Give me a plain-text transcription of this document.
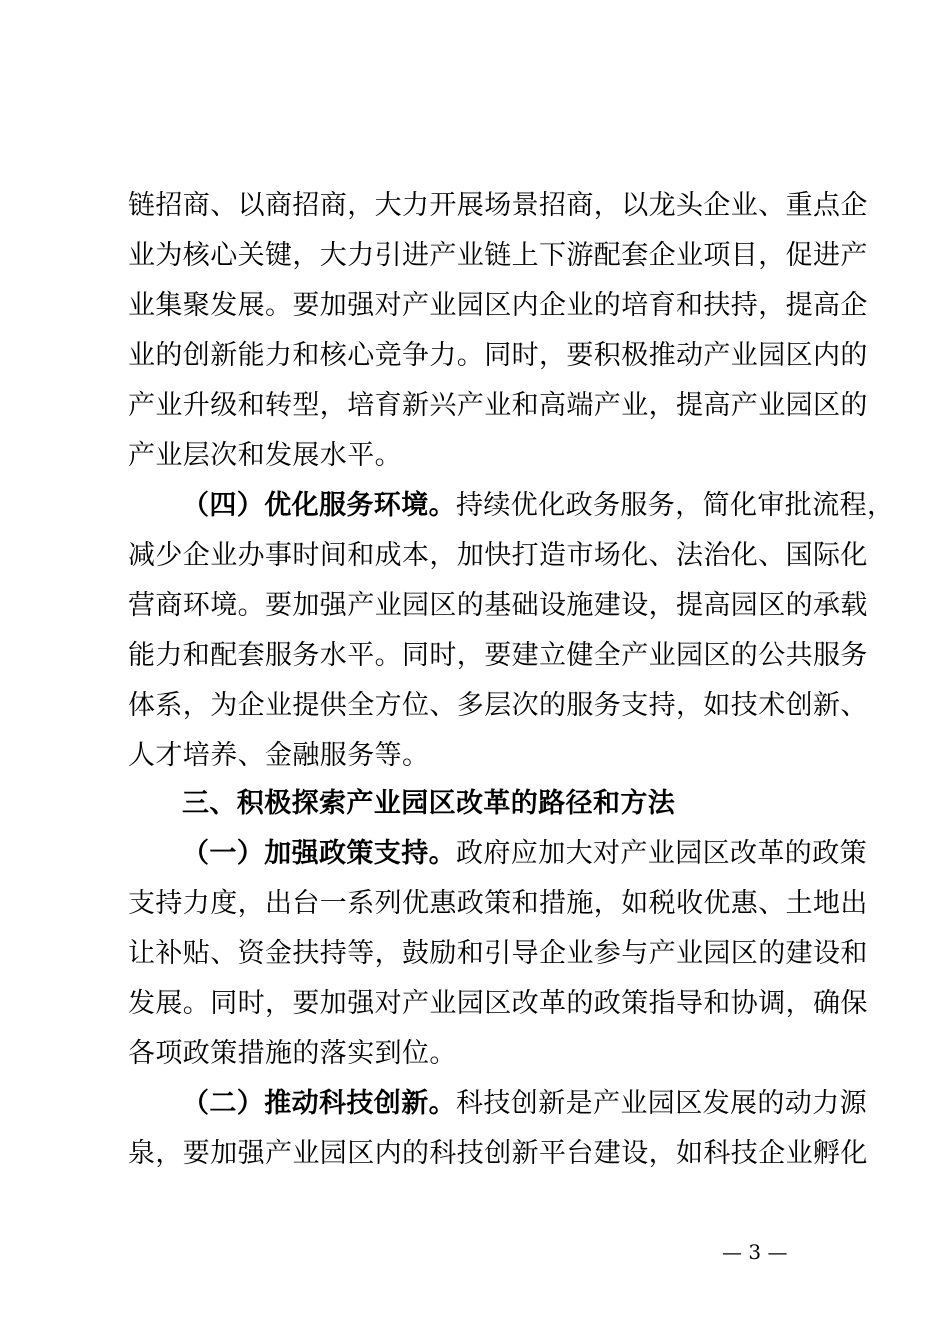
链招商、以商招商，大力开展场景招商，以龙头企业、重点企
业为核心关键，大力引进产业链上下游配套企业项目，促进产
业集聚发展。要加强对产业园区内企业的培育和扶持，提高企
业的创新能力和核心竞争力。同时，要积极推动产业园区内的
产业升级和转型，培育新兴产业和高端产业，提高产业园区的
产业层次和发展水平。
（四）优化服务环境。持续优化政务服务，简化审批流程，
减少企业办事时间和成本，加快打造市场化、法治化、国际化
营商环境。要加强产业园区的基础设施建设，提高园区的承载
能力和配套服务水平。同时，要建立健全产业园区的公共服务
体系，为企业提供全方位、多层次的服务支持，如技术创新、
人才培养、金融服务等。
三、积极探索产业园区改革的路径和方法
（一）加强政策支持。政府应加大对产业园区改革的政策
支持力度，出台一系列优惠政策和措施，如税收优惠、土地出
让补贴、资金扶持等，鼓励和引导企业参与产业园区的建设和
发展。同时，要加强对产业园区改革的政策指导和协调，确保
各项政策措施的落实到位。
（二）推动科技创新。科技创新是产业园区发展的动力源
泉，要加强产业园区内的科技创新平台建设，如科技企业孵化
— 3 —
